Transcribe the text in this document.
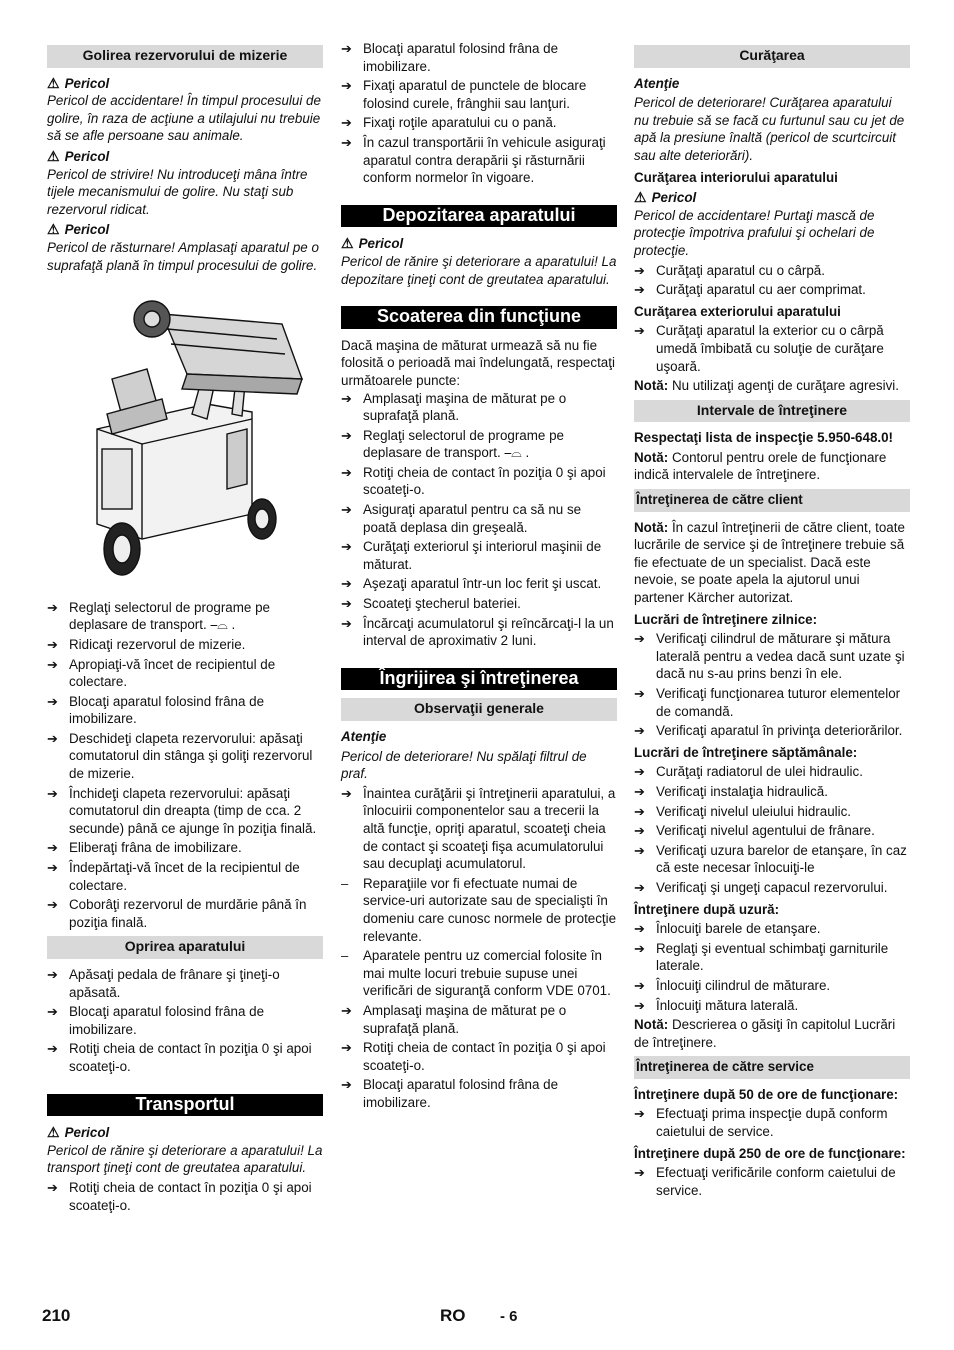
Golirea rezervorului de mizerie
⚠ Pericol
Pericol de accidentare! În timpul procesului de golire, în raza de acţiune a utilajului nu trebuie să se afle persoane sau animale.
⚠ Pericol
Pericol de strivire! Nu introduceţi mâna între tijele mecanismului de golire. Nu staţi sub rezervorul ridicat.
⚠ Pericol
Pericol de răsturnare! Amplasaţi aparatul pe o suprafaţă plană în timpul procesului de golire.
➔ Reglaţi selectorul de programe pe deplasare de transport. ⎯⌓ .
➔ Ridicaţi rezervorul de mizerie.
➔ Apropiaţi-vă încet de recipientul de colectare.
➔ Blocaţi aparatul folosind frâna de imobilizare.
➔ Deschideţi clapeta rezervorului: apăsaţi comutatorul din stânga şi goliţi rezervorul de mizerie.
➔ Închideţi clapeta rezervorului: apăsaţi comutatorul din dreapta (timp de cca. 2 secunde) până ce ajunge în poziţia finală.
➔ Eliberaţi frâna de imobilizare.
➔ Îndepărtaţi-vă încet de la recipientul de colectare.
➔ Coborâţi rezervorul de murdărie până în poziţia finală.
Oprirea aparatului
➔ Apăsaţi pedala de frânare şi ţineţi-o apăsată.
➔ Blocaţi aparatul folosind frâna de imobilizare.
➔ Rotiţi cheia de contact în poziţia 0 şi apoi scoateţi-o.
Transportul
⚠ Pericol
Pericol de rănire şi deteriorare a aparatului! La transport ţineţi cont de greutatea aparatului.
➔ Rotiţi cheia de contact în poziţia 0 şi apoi scoateţi-o.
➔ Blocaţi aparatul folosind frâna de imobilizare.
➔ Fixaţi aparatul de punctele de blocare folosind curele, frânghii sau lanţuri.
➔ Fixaţi roţile aparatului cu o pană.
➔ În cazul transportării în vehicule asiguraţi aparatul contra derapării şi răsturnării conform normelor în vigoare.
Depozitarea aparatului
⚠ Pericol
Pericol de rănire şi deteriorare a aparatului! La depozitare ţineţi cont de greutatea aparatului.
Scoaterea din funcţiune
Dacă maşina de măturat urmează să nu fie folosită o perioadă mai îndelungată, respectaţi următoarele puncte:
➔ Amplasaţi maşina de măturat pe o suprafaţă plană.
➔ Reglaţi selectorul de programe pe deplasare de transport. ⎯⌓ .
➔ Rotiţi cheia de contact în poziţia 0 şi apoi scoateţi-o.
➔ Asiguraţi aparatul pentru ca să nu se poată deplasa din greşeală.
➔ Curăţaţi exteriorul şi interiorul maşinii de măturat.
➔ Aşezaţi aparatul într-un loc ferit şi uscat.
➔ Scoateţi ştecherul bateriei.
➔ Încărcaţi acumulatorul şi reîncărcaţi-l la un interval de aproximativ 2 luni.
Îngrijirea şi întreţinerea
Observaţii generale
Atenţie
Pericol de deteriorare! Nu spălaţi filtrul de praf.
➔ Înaintea curăţării şi întreţinerii aparatului, a înlocuirii componentelor sau a trecerii la altă funcţie, opriţi aparatul, scoateţi cheia de contact şi scoateţi fişa acumulatorului sau decuplaţi acumulatorul.
–	Reparaţiile vor fi efectuate numai de service-uri autorizate sau de specialişti în domeniu care cunosc normele de protecţie relevante.
–	Aparatele pentru uz comercial folosite în mai multe locuri trebuie supuse unei verificări de siguranţă conform VDE 0701.
➔ Amplasaţi maşina de măturat pe o suprafaţă plană.
➔ Rotiţi cheia de contact în poziţia 0 şi apoi scoateţi-o.
➔ Blocaţi aparatul folosind frâna de imobilizare.
Curăţarea
Atenţie
Pericol de deteriorare! Curăţarea aparatului nu trebuie să se facă cu furtunul sau cu jet de apă la presiune înaltă (pericol de scurtcircuit sau alte deteriorări).
Curăţarea interiorului aparatului
⚠ Pericol
Pericol de accidentare! Purtaţi mască de protecţie împotriva prafului şi ochelari de protecţie.
➔ Curăţaţi aparatul cu o cârpă.
➔ Curăţaţi aparatul cu aer comprimat.
Curăţarea exteriorului aparatului
➔ Curăţaţi aparatul la exterior cu o cârpă umedă îmbibată cu soluţie de curăţare uşoară.
Notă: Nu utilizaţi agenţi de curăţare agresivi.
Intervale de întreţinere
Respectaţi lista de inspecţie 5.950-648.0!
Notă: Contorul pentru orele de funcţionare indică intervalele de întreţinere.
Întreţinerea de către client
Notă: În cazul întreţinerii de către client, toate lucrările de service şi de întreţinere trebuie să fie efectuate de un specialist. Dacă este nevoie, se poate apela la ajutorul unui partener Kärcher autorizat.
Lucrări de întreţinere zilnice:
➔ Verificaţi cilindrul de măturare şi mătura laterală pentru a vedea dacă sunt uzate şi dacă nu s-au prins benzi în ele.
➔ Verificaţi funcţionarea tuturor elementelor de comandă.
➔ Verificaţi aparatul în privinţa deteriorărilor.
Lucrări de întreţinere săptămânale:
➔ Curăţaţi radiatorul de ulei hidraulic.
➔ Verificaţi instalaţia hidraulică.
➔ Verificaţi nivelul uleiului hidraulic.
➔ Verificaţi nivelul agentului de frânare.
➔ Verificaţi uzura barelor de etanşare, în caz că este necesar înlocuiţi-le
➔ Verificaţi şi ungeţi capacul rezervorului.
Întreţinere după uzură:
➔ Înlocuiţi barele de etanşare.
➔ Reglaţi şi eventual schimbaţi garniturile laterale.
➔ Înlocuiţi cilindrul de măturare.
➔ Înlocuiţi mătura laterală.
Notă: Descrierea o găsiţi în capitolul Lucrări de întreţinere.
Întreţinerea de către service
Întreţinere după 50 de ore de funcţionare:
➔ Efectuaţi prima inspecţie după conform caietului de service.
Întreţinere după 250 de ore de funcţionare:
➔ Efectuaţi verificările conform caietului de service.
210	RO - 6
